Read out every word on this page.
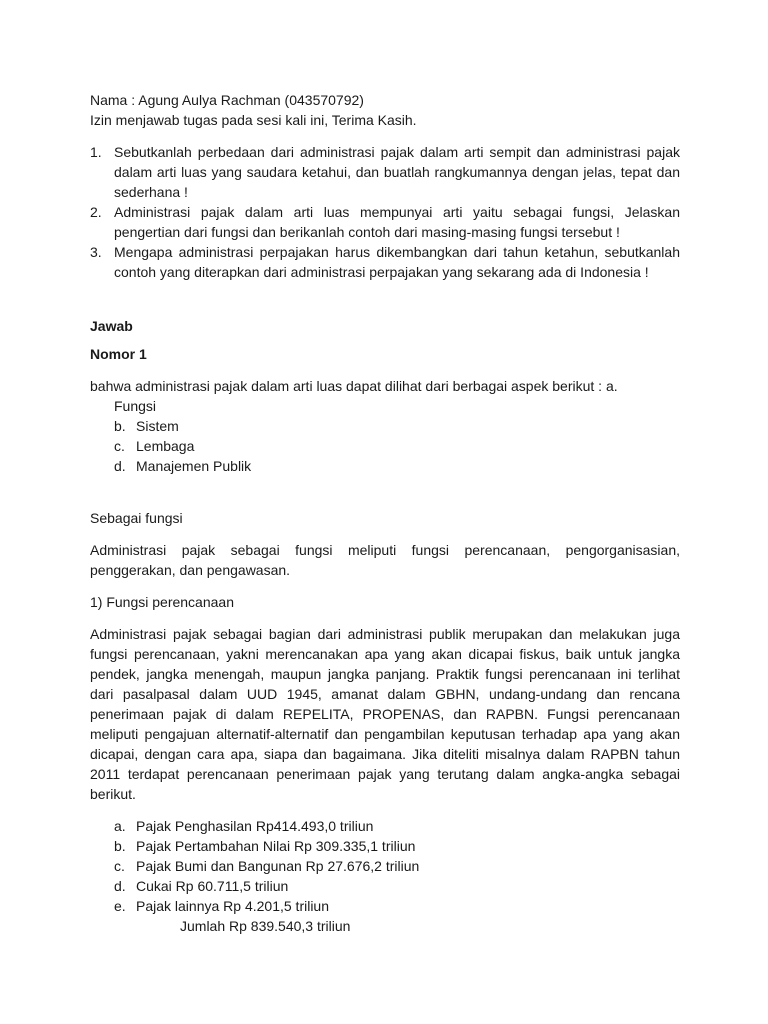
Nama : Agung Aulya Rachman (043570792)

Izin menjawab tugas pada sesi kali ini, Terima Kasih.

1. Sebutkanlah perbedaan dari administrasi pajak dalam arti sempit dan administrasi pajak dalam arti luas yang saudara ketahui, dan buatlah rangkumannya dengan jelas, tepat dan sederhana !
2. Administrasi pajak dalam arti luas mempunyai arti yaitu sebagai fungsi, Jelaskan pengertian dari fungsi dan berikanlah contoh dari masing-masing fungsi tersebut !
3. Mengapa administrasi perpajakan harus dikembangkan dari tahun ketahun, sebutkanlah contoh yang diterapkan dari administrasi perpajakan yang sekarang ada di Indonesia !

Jawab

Nomor 1

bahwa administrasi pajak dalam arti luas dapat dilihat dari berbagai aspek berikut : a.

Fungsi
b. Sistem
c. Lembaga
d. Manajemen Publik

Sebagai fungsi

Administrasi pajak sebagai fungsi meliputi fungsi perencanaan, pengorganisasian, penggerakan, dan pengawasan.

1) Fungsi perencanaan

Administrasi pajak sebagai bagian dari administrasi publik merupakan dan melakukan juga fungsi perencanaan, yakni merencanakan apa yang akan dicapai fiskus, baik untuk jangka pendek, jangka menengah, maupun jangka panjang. Praktik fungsi perencanaan ini terlihat dari pasalpasal dalam UUD 1945, amanat dalam GBHN, undang-undang dan rencana penerimaan pajak di dalam REPELITA, PROPENAS, dan RAPBN. Fungsi perencanaan meliputi pengajuan alternatif-alternatif dan pengambilan keputusan terhadap apa yang akan dicapai, dengan cara apa, siapa dan bagaimana. Jika diteliti misalnya dalam RAPBN tahun 2011 terdapat perencanaan penerimaan pajak yang terutang dalam angka-angka sebagai berikut.

a. Pajak Penghasilan Rp414.493,0 triliun
b. Pajak Pertambahan Nilai Rp 309.335,1 triliun
c. Pajak Bumi dan Bangunan Rp 27.676,2 triliun
d. Cukai Rp 60.711,5 triliun
e. Pajak lainnya Rp 4.201,5 triliun

Jumlah Rp 839.540,3 triliun
